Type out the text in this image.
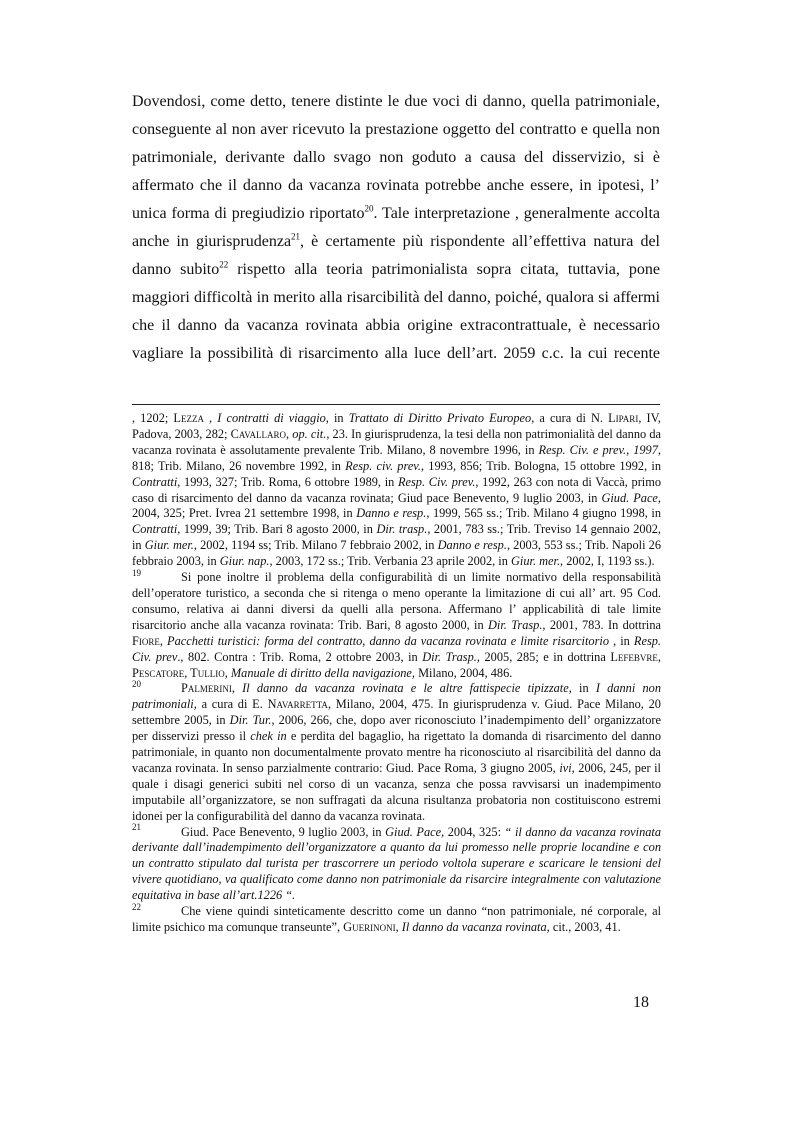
Dovendosi, come detto, tenere distinte le due voci di danno, quella patrimoniale,

conseguente al non aver ricevuto la prestazione oggetto del contratto e quella non

patrimoniale, derivante dallo svago non goduto a causa del disservizio, si è

affermato che il danno da vacanza rovinata potrebbe anche essere, in ipotesi, l’

unica forma di pregiudizio riportato$^{20}$. Tale interpretazione , generalmente accolta

anche in giurisprudenza$^{21}$, è certamente più rispondente all’effettiva natura del

danno subito$^{22}$ rispetto alla teoria patrimonialista sopra citata, tuttavia, pone

maggiori difficoltà in merito alla risarcibilità del danno, poiché, qualora si affermi

che il danno da vacanza rovinata abbia origine extracontrattuale, è necessario

vagliare la possibilità di risarcimento alla luce dell’art. 2059 c.c. la cui recente

, 1202; Lezza , I contratti di viaggio, in Trattato di Diritto Privato Europeo, a cura di N. Lipari, IV, Padova, 2003, 282; Cavallaro, op. cit., 23. In giurisprudenza, la tesi della non patrimonialità del danno da vacanza rovinata è assolutamente prevalente Trib. Milano, 8 novembre 1996, in Resp. Civ. e prev., 1997, 818; Trib. Milano, 26 novembre 1992, in Resp. civ. prev., 1993, 856; Trib. Bologna, 15 ottobre 1992, in Contratti, 1993, 327; Trib. Roma, 6 ottobre 1989, in Resp. Civ. prev., 1992, 263 con nota di Vaccà, primo caso di risarcimento del danno da vacanza rovinata; Giud pace Benevento, 9 luglio 2003, in Giud. Pace, 2004, 325; Pret. Ivrea 21 settembre 1998, in Danno e resp., 1999, 565 ss.; Trib. Milano 4 giugno 1998, in Contratti, 1999, 39; Trib. Bari 8 agosto 2000, in Dir. trasp., 2001, 783 ss.; Trib. Treviso 14 gennaio 2002, in Giur. mer., 2002, 1194 ss; Trib. Milano 7 febbraio 2002, in Danno e resp., 2003, 553 ss.; Trib. Napoli 26 febbraio 2003, in Giur. nap., 2003, 172 ss.; Trib. Verbania 23 aprile 2002, in Giur. mer., 2002, I, 1193 ss.).

19	Si pone inoltre il problema della configurabilità di un limite normativo della responsabilità dell’operatore turistico, a seconda che si ritenga o meno operante la limitazione di cui all’ art. 95 Cod. consumo, relativa ai danni diversi da quelli alla persona. Affermano l’ applicabilità di tale limite risarcitorio anche alla vacanza rovinata: Trib. Bari, 8 agosto 2000, in Dir. Trasp., 2001, 783. In dottrina Fiore, Pacchetti turistici: forma del contratto, danno da vacanza rovinata e limite risarcitorio , in Resp. Civ. prev., 802. Contra : Trib. Roma, 2 ottobre 2003, in Dir. Trasp., 2005, 285; e in dottrina Lefebvre, Pescatore, Tullio, Manuale di diritto della navigazione, Milano, 2004, 486.

20	Palmerini, Il danno da vacanza rovinata e le altre fattispecie tipizzate, in I danni non patrimoniali, a cura di E. Navarretta, Milano, 2004, 475. In giurisprudenza v. Giud. Pace Milano, 20 settembre 2005, in Dir. Tur., 2006, 266, che, dopo aver riconosciuto l’inadempimento dell’ organizzatore per disservizi presso il chek in e perdita del bagaglio, ha rigettato la domanda di risarcimento del danno patrimoniale, in quanto non documentalmente provato mentre ha riconosciuto al risarcibilità del danno da vacanza rovinata. In senso parzialmente contrario: Giud. Pace Roma, 3 giugno 2005, ivi, 2006, 245, per il quale i disagi generici subiti nel corso di un vacanza, senza che possa ravvisarsi un inadempimento imputabile all’organizzatore, se non suffragati da alcuna risultanza probatoria non costituiscono estremi idonei per la configurabilità del danno da vacanza rovinata.

21	Giud. Pace Benevento, 9 luglio 2003, in Giud. Pace, 2004, 325: “ il danno da vacanza rovinata derivante dall’inadempimento dell’organizzatore a quanto da lui promesso nelle proprie locandine e con un contratto stipulato dal turista per trascorrere un periodo voltola superare e scaricare le tensioni del vivere quotidiano, va qualificato come danno non patrimoniale da risarcire integralmente con valutazione equitativa in base all’art.1226 “.

22	Che viene quindi sinteticamente descritto come un danno “non patrimoniale, né corporale, al limite psichico ma comunque transeunte”, Guerinoni, Il danno da vacanza rovinata, cit., 2003, 41.

18
